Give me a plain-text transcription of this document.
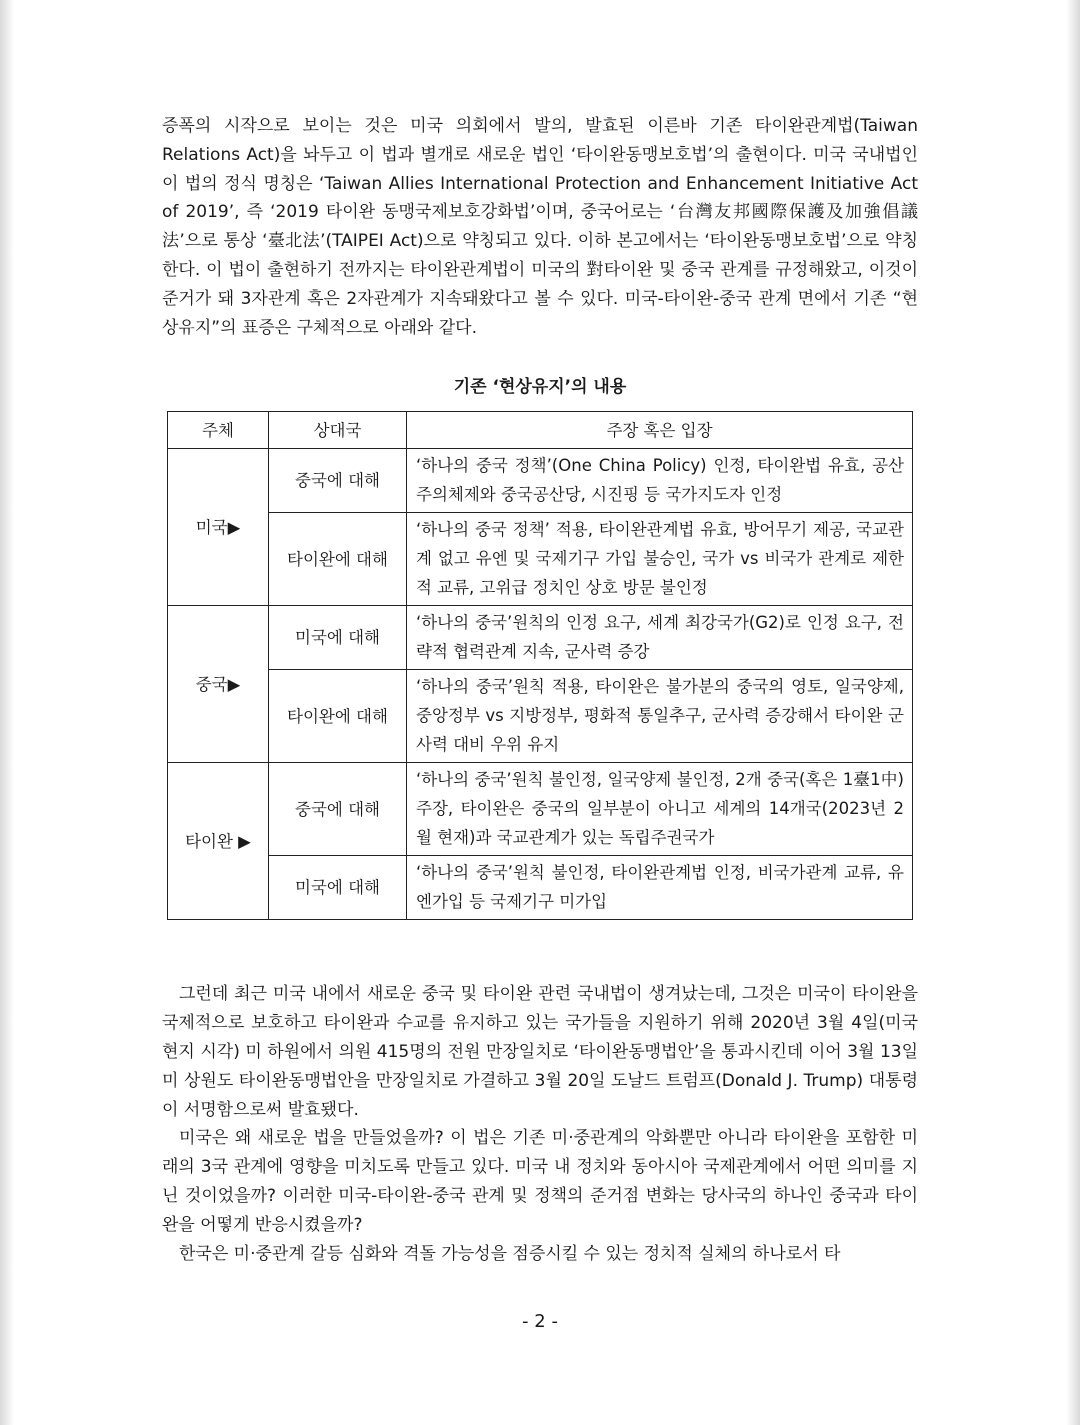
증폭의 시작으로 보이는 것은 미국 의회에서 발의, 발효된 이른바 기존 타이완관계법(Taiwan Relations Act)을 놔두고 이 법과 별개로 새로운 법인 ‘타이완동맹보호법’의 출현이다. 미국 국내법인 이 법의 정식 명칭은 ‘Taiwan Allies International Protection and Enhancement Initiative Act of 2019’, 즉 ‘2019 타이완 동맹국제보호강화법’이며, 중국어로는 ‘台灣友邦國際保護及加強倡議法’으로 통상 ‘臺北法’(TAIPEI Act)으로 약칭되고 있다. 이하 본고에서는 ‘타이완동맹보호법’으로 약칭한다. 이 법이 출현하기 전까지는 타이완관계법이 미국의 對타이완 및 중국 관계를 규정해왔고, 이것이 준거가 돼 3자관계 혹은 2자관계가 지속돼왔다고 볼 수 있다. 미국-타이완-중국 관계 면에서 기존 “현상유지”의 표증은 구체적으로 아래와 같다.

기존 ‘현상유지’의 내용
주체	상대국	주장 혹은 입장
미국▶	중국에 대해	‘하나의 중국 정책’(One China Policy) 인정, 타이완법 유효, 공산주의체제와 중국공산당, 시진핑 등 국가지도자 인정
	타이완에 대해	‘하나의 중국 정책’ 적용, 타이완관계법 유효, 방어무기 제공, 국교관계 없고 유엔 및 국제기구 가입 불승인, 국가 vs 비국가 관계로 제한적 교류, 고위급 정치인 상호 방문 불인정
중국▶	미국에 대해	‘하나의 중국’원칙의 인정 요구, 세계 최강국가(G2)로 인정 요구, 전략적 협력관계 지속, 군사력 증강
	타이완에 대해	‘하나의 중국’원칙 적용, 타이완은 불가분의 중국의 영토, 일국양제, 중앙정부 vs 지방정부, 평화적 통일추구, 군사력 증강해서 타이완 군사력 대비 우위 유지
타이완 ▶	중국에 대해	‘하나의 중국’원칙 불인정, 일국양제 불인정, 2개 중국(혹은 1臺1中) 주장, 타이완은 중국의 일부분이 아니고 세계의 14개국(2023년 2월 현재)과 국교관계가 있는 독립주권국가
	미국에 대해	‘하나의 중국’원칙 불인정, 타이완관계법 인정, 비국가관계 교류, 유엔가입 등 국제기구 미가입

그런데 최근 미국 내에서 새로운 중국 및 타이완 관련 국내법이 생겨났는데, 그것은 미국이 타이완을 국제적으로 보호하고 타이완과 수교를 유지하고 있는 국가들을 지원하기 위해 2020년 3월 4일(미국 현지 시각) 미 하원에서 의원 415명의 전원 만장일치로 ‘타이완동맹법안’을 통과시킨데 이어 3월 13일 미 상원도 타이완동맹법안을 만장일치로 가결하고 3월 20일 도날드 트럼프(Donald J. Trump) 대통령이 서명함으로써 발효됐다.

미국은 왜 새로운 법을 만들었을까? 이 법은 기존 미·중관계의 악화뿐만 아니라 타이완을 포함한 미래의 3국 관계에 영향을 미치도록 만들고 있다. 미국 내 정치와 동아시아 국제관계에서 어떤 의미를 지닌 것이었을까? 이러한 미국-타이완-중국 관계 및 정책의 준거점 변화는 당사국의 하나인 중국과 타이완을 어떻게 반응시켰을까?

한국은 미·중관계 갈등 심화와 격돌 가능성을 점증시킬 수 있는 정치적 실체의 하나로서 타

- 2 -
